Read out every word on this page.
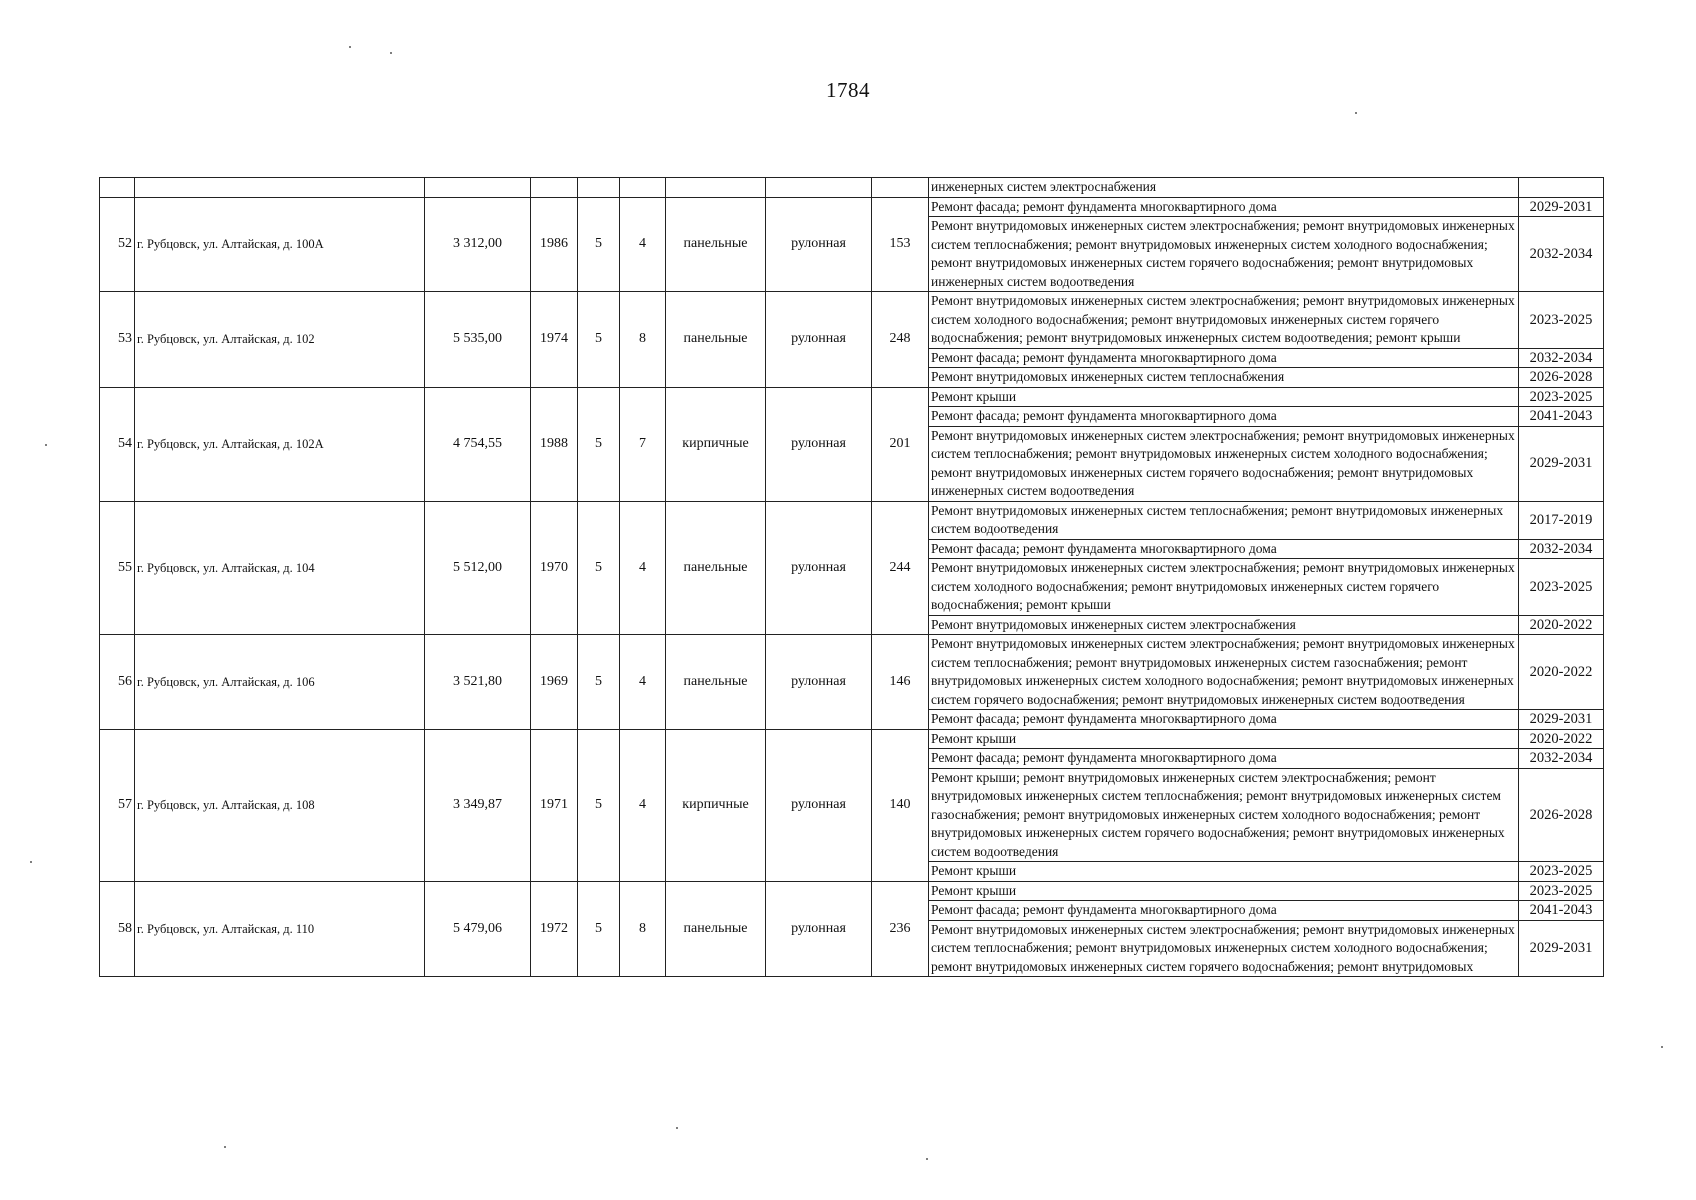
1784
									инженерных систем электроснабжения	
52	г. Рубцовск, ул. Алтайская, д. 100А	3 312,00	1986	5	4	панельные	рулонная	153	Ремонт фасада; ремонт фундамента многоквартирного дома	2029-2031
									Ремонт внутридомовых инженерных систем электроснабжения; ремонт внутридомовых инженерных систем теплоснабжения; ремонт внутридомовых инженерных систем холодного водоснабжения; ремонт внутридомовых инженерных систем горячего водоснабжения; ремонт внутридомовых инженерных систем водоотведения	2032-2034
53	г. Рубцовск, ул. Алтайская, д. 102	5 535,00	1974	5	8	панельные	рулонная	248	Ремонт внутридомовых инженерных систем электроснабжения; ремонт внутридомовых инженерных систем холодного водоснабжения; ремонт внутридомовых инженерных систем горячего водоснабжения; ремонт внутридомовых инженерных систем водоотведения; ремонт крыши	2023-2025
									Ремонт фасада; ремонт фундамента многоквартирного дома	2032-2034
									Ремонт внутридомовых инженерных систем теплоснабжения	2026-2028
54	г. Рубцовск, ул. Алтайская, д. 102А	4 754,55	1988	5	7	кирпичные	рулонная	201	Ремонт крыши	2023-2025
									Ремонт фасада; ремонт фундамента многоквартирного дома	2041-2043
									Ремонт внутридомовых инженерных систем электроснабжения; ремонт внутридомовых инженерных систем теплоснабжения; ремонт внутридомовых инженерных систем холодного водоснабжения; ремонт внутридомовых инженерных систем горячего водоснабжения; ремонт внутридомовых инженерных систем водоотведения	2029-2031
55	г. Рубцовск, ул. Алтайская, д. 104	5 512,00	1970	5	4	панельные	рулонная	244	Ремонт внутридомовых инженерных систем теплоснабжения; ремонт внутридомовых инженерных систем водоотведения	2017-2019
									Ремонт фасада; ремонт фундамента многоквартирного дома	2032-2034
									Ремонт внутридомовых инженерных систем электроснабжения; ремонт внутридомовых инженерных систем холодного водоснабжения; ремонт внутридомовых инженерных систем горячего водоснабжения; ремонт крыши	2023-2025
									Ремонт внутридомовых инженерных систем электроснабжения	2020-2022
56	г. Рубцовск, ул. Алтайская, д. 106	3 521,80	1969	5	4	панельные	рулонная	146	Ремонт внутридомовых инженерных систем электроснабжения; ремонт внутридомовых инженерных систем теплоснабжения; ремонт внутридомовых инженерных систем газоснабжения; ремонт внутридомовых инженерных систем холодного водоснабжения; ремонт внутридомовых инженерных систем горячего водоснабжения; ремонт внутридомовых инженерных систем водоотведения	2020-2022
									Ремонт фасада; ремонт фундамента многоквартирного дома	2029-2031
57	г. Рубцовск, ул. Алтайская, д. 108	3 349,87	1971	5	4	кирпичные	рулонная	140	Ремонт крыши	2020-2022
									Ремонт фасада; ремонт фундамента многоквартирного дома	2032-2034
									Ремонт крыши; ремонт внутридомовых инженерных систем электроснабжения; ремонт внутридомовых инженерных систем теплоснабжения; ремонт внутридомовых инженерных систем газоснабжения; ремонт внутридомовых инженерных систем холодного водоснабжения; ремонт внутридомовых инженерных систем горячего водоснабжения; ремонт внутридомовых инженерных систем водоотведения	2026-2028
									Ремонт крыши	2023-2025
58	г. Рубцовск, ул. Алтайская, д. 110	5 479,06	1972	5	8	панельные	рулонная	236	Ремонт крыши	2023-2025
									Ремонт фасада; ремонт фундамента многоквартирного дома	2041-2043
									Ремонт внутридомовых инженерных систем электроснабжения; ремонт внутридомовых инженерных систем теплоснабжения; ремонт внутридомовых инженерных систем холодного водоснабжения; ремонт внутридомовых инженерных систем горячего водоснабжения; ремонт внутридомовых	2029-2031
